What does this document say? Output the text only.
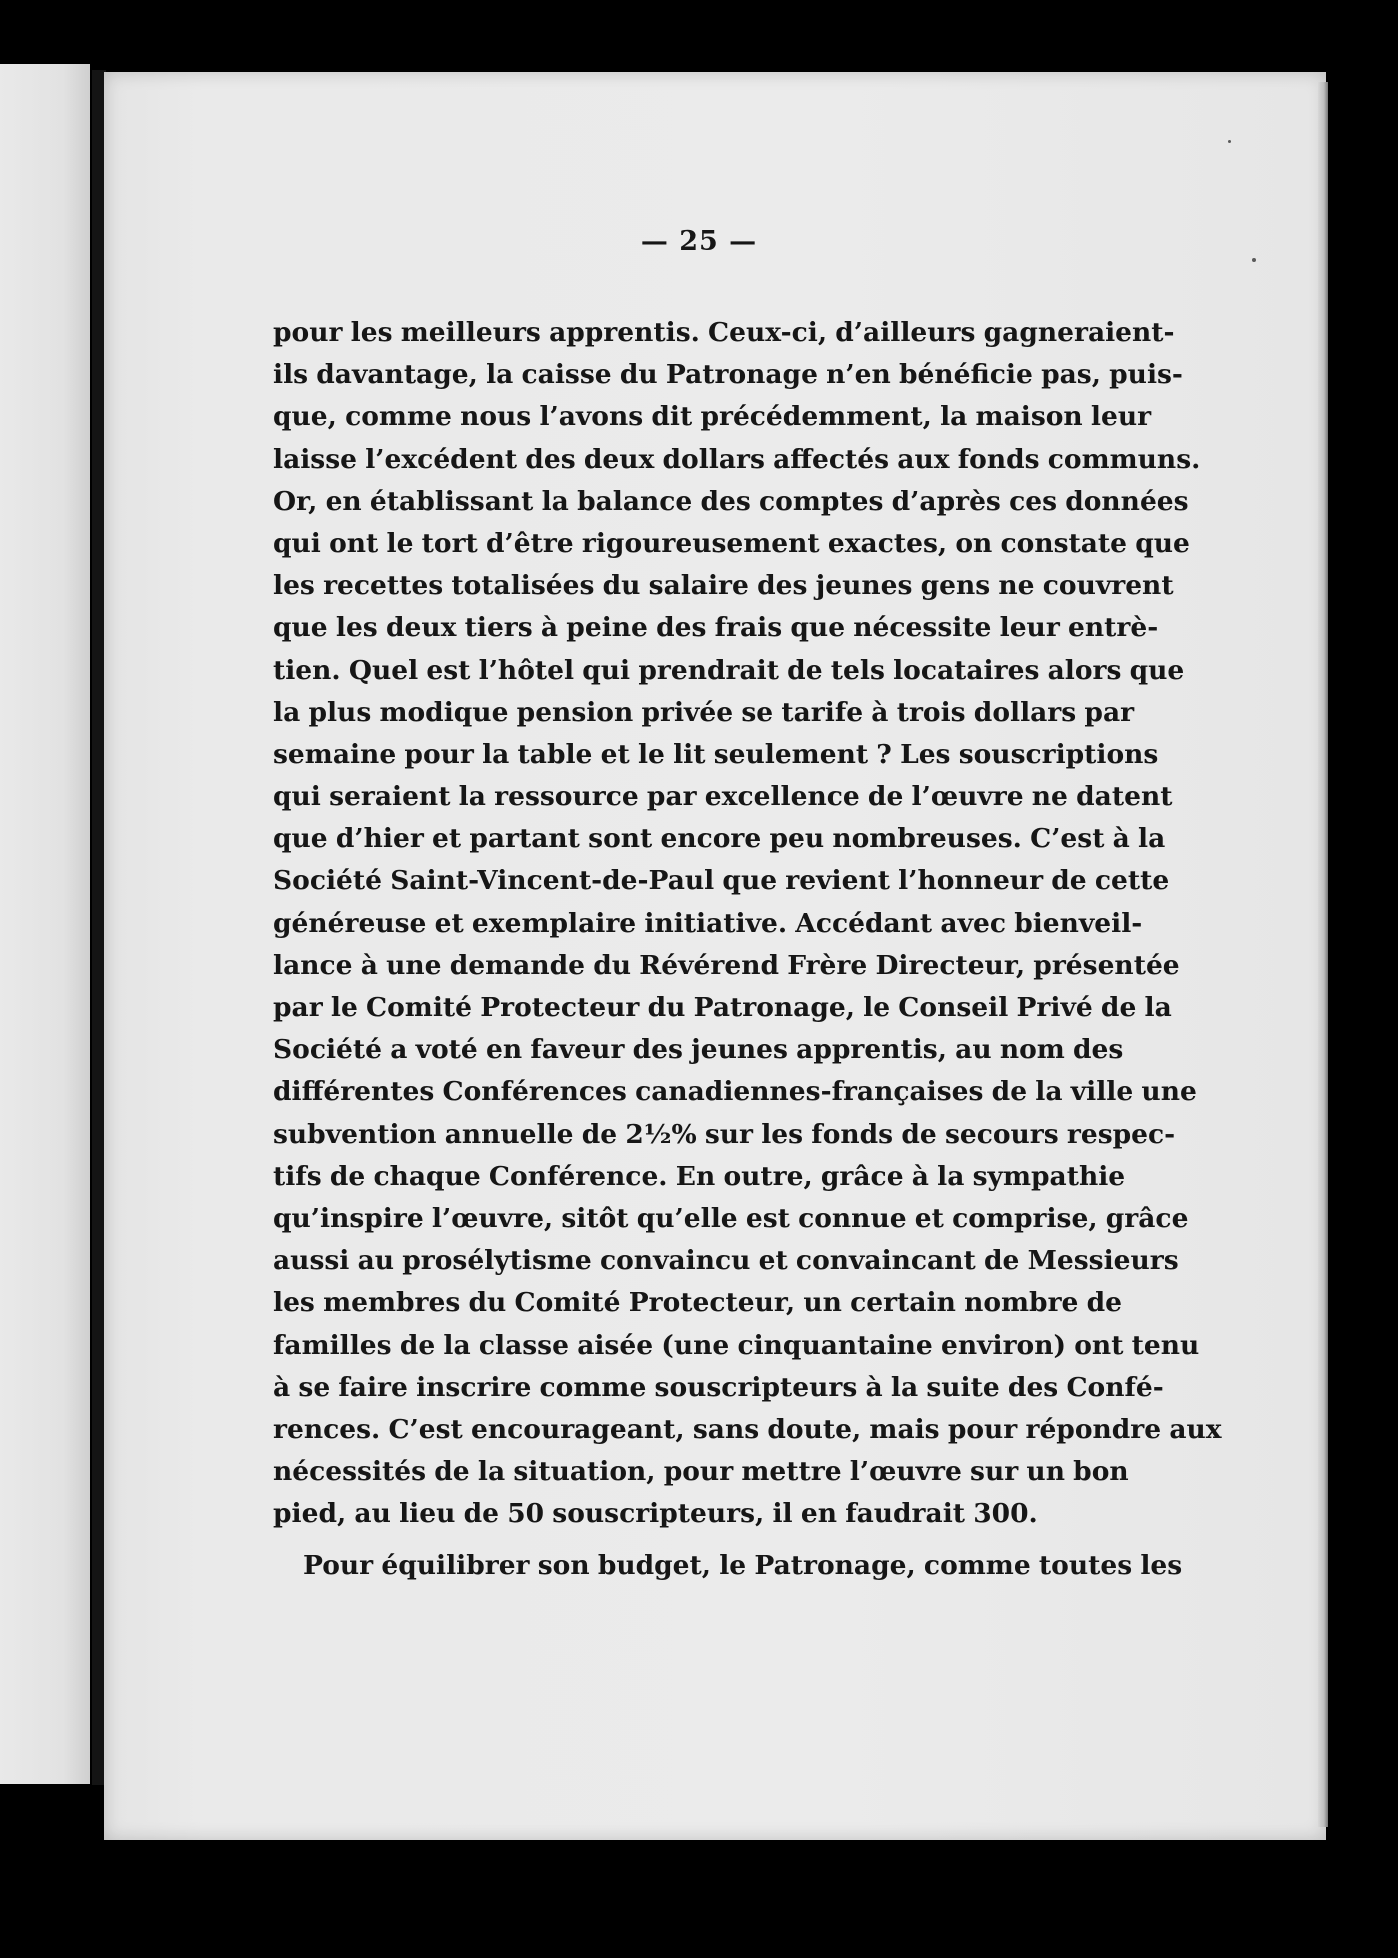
— 25 —
pour les meilleurs apprentis. Ceux-ci, d’ailleurs gagneraient-
ils davantage, la caisse du Patronage n’en bénéficie pas, puis-
que, comme nous l’avons dit précédemment, la maison leur
laisse l’excédent des deux dollars affectés aux fonds communs.
Or, en établissant la balance des comptes d’après ces données
qui ont le tort d’être rigoureusement exactes, on constate que
les recettes totalisées du salaire des jeunes gens ne couvrent
que les deux tiers à peine des frais que nécessite leur entrè-
tien. Quel est l’hôtel qui prendrait de tels locataires alors que
la plus modique pension privée se tarife à trois dollars par
semaine pour la table et le lit seulement ? Les souscriptions
qui seraient la ressource par excellence de l’œuvre ne datent
que d’hier et partant sont encore peu nombreuses. C’est à la
Société Saint-Vincent-de-Paul que revient l’honneur de cette
généreuse et exemplaire initiative. Accédant avec bienveil-
lance à une demande du Révérend Frère Directeur, présentée
par le Comité Protecteur du Patronage, le Conseil Privé de la
Société a voté en faveur des jeunes apprentis, au nom des
différentes Conférences canadiennes-françaises de la ville une
subvention annuelle de 2½% sur les fonds de secours respec-
tifs de chaque Conférence. En outre, grâce à la sympathie
qu’inspire l’œuvre, sitôt qu’elle est connue et comprise, grâce
aussi au prosélytisme convaincu et convaincant de Messieurs
les membres du Comité Protecteur, un certain nombre de
familles de la classe aisée (une cinquantaine environ) ont tenu
à se faire inscrire comme souscripteurs à la suite des Confé-
rences. C’est encourageant, sans doute, mais pour répondre aux
nécessités de la situation, pour mettre l’œuvre sur un bon
pied, au lieu de 50 souscripteurs, il en faudrait 300.
Pour équilibrer son budget, le Patronage, comme toutes les
